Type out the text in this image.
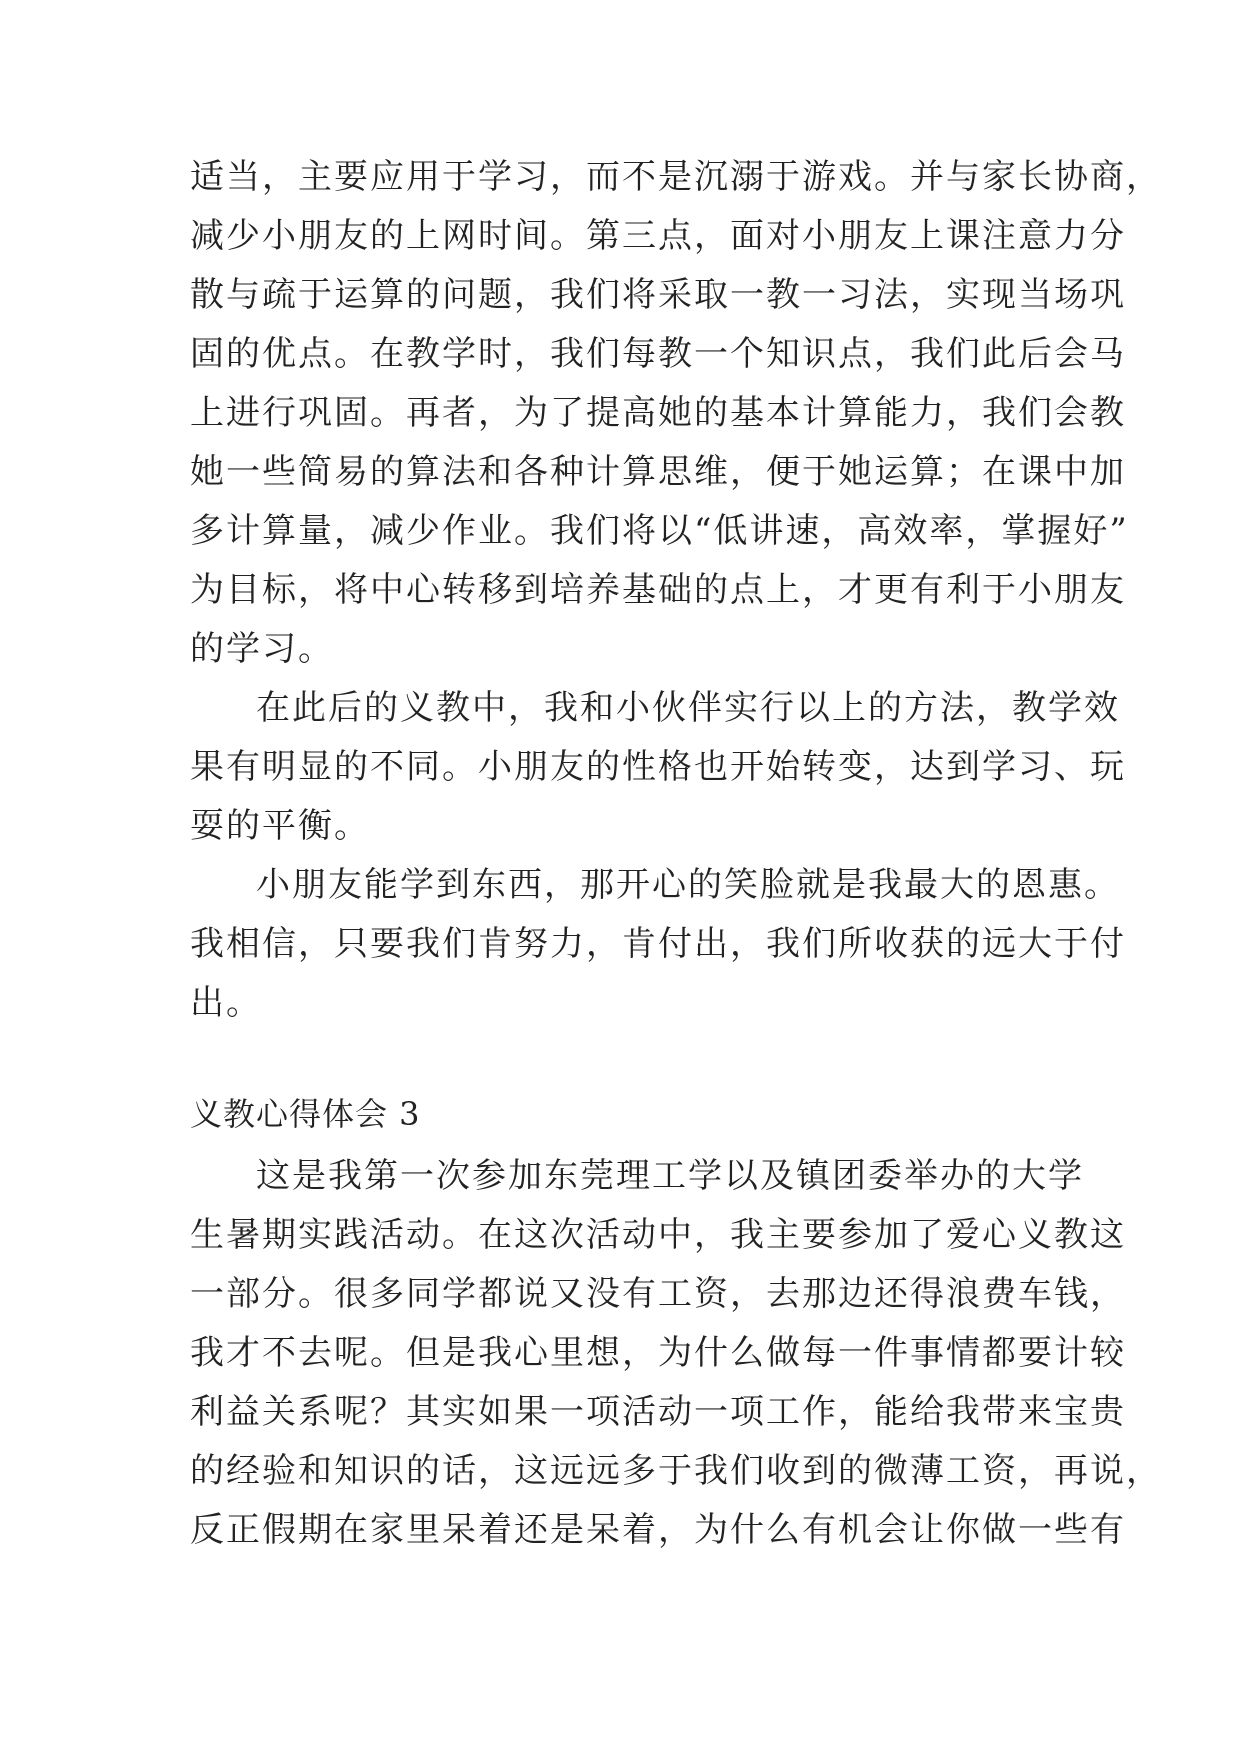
适当，主要应用于学习，而不是沉溺于游戏。并与家长协商，
减少小朋友的上网时间。第三点，面对小朋友上课注意力分
散与疏于运算的问题，我们将采取一教一习法，实现当场巩
固的优点。在教学时，我们每教一个知识点，我们此后会马
上进行巩固。再者，为了提高她的基本计算能力，我们会教
她一些简易的算法和各种计算思维，便于她运算；在课中加
多计算量，减少作业。我们将以“低讲速，高效率，掌握好”
为目标，将中心转移到培养基础的点上，才更有利于小朋友
的学习。
在此后的义教中，我和小伙伴实行以上的方法，教学效
果有明显的不同。小朋友的性格也开始转变，达到学习、玩
耍的平衡。
小朋友能学到东西，那开心的笑脸就是我最大的恩惠。
我相信，只要我们肯努力，肯付出，我们所收获的远大于付
出。
义教心得体会 3
这是我第一次参加东莞理工学以及镇团委举办的大学
生暑期实践活动。在这次活动中，我主要参加了爱心义教这
一部分。很多同学都说又没有工资，去那边还得浪费车钱，
我才不去呢。但是我心里想，为什么做每一件事情都要计较
利益关系呢？其实如果一项活动一项工作，能给我带来宝贵
的经验和知识的话，这远远多于我们收到的微薄工资，再说，
反正假期在家里呆着还是呆着，为什么有机会让你做一些有
